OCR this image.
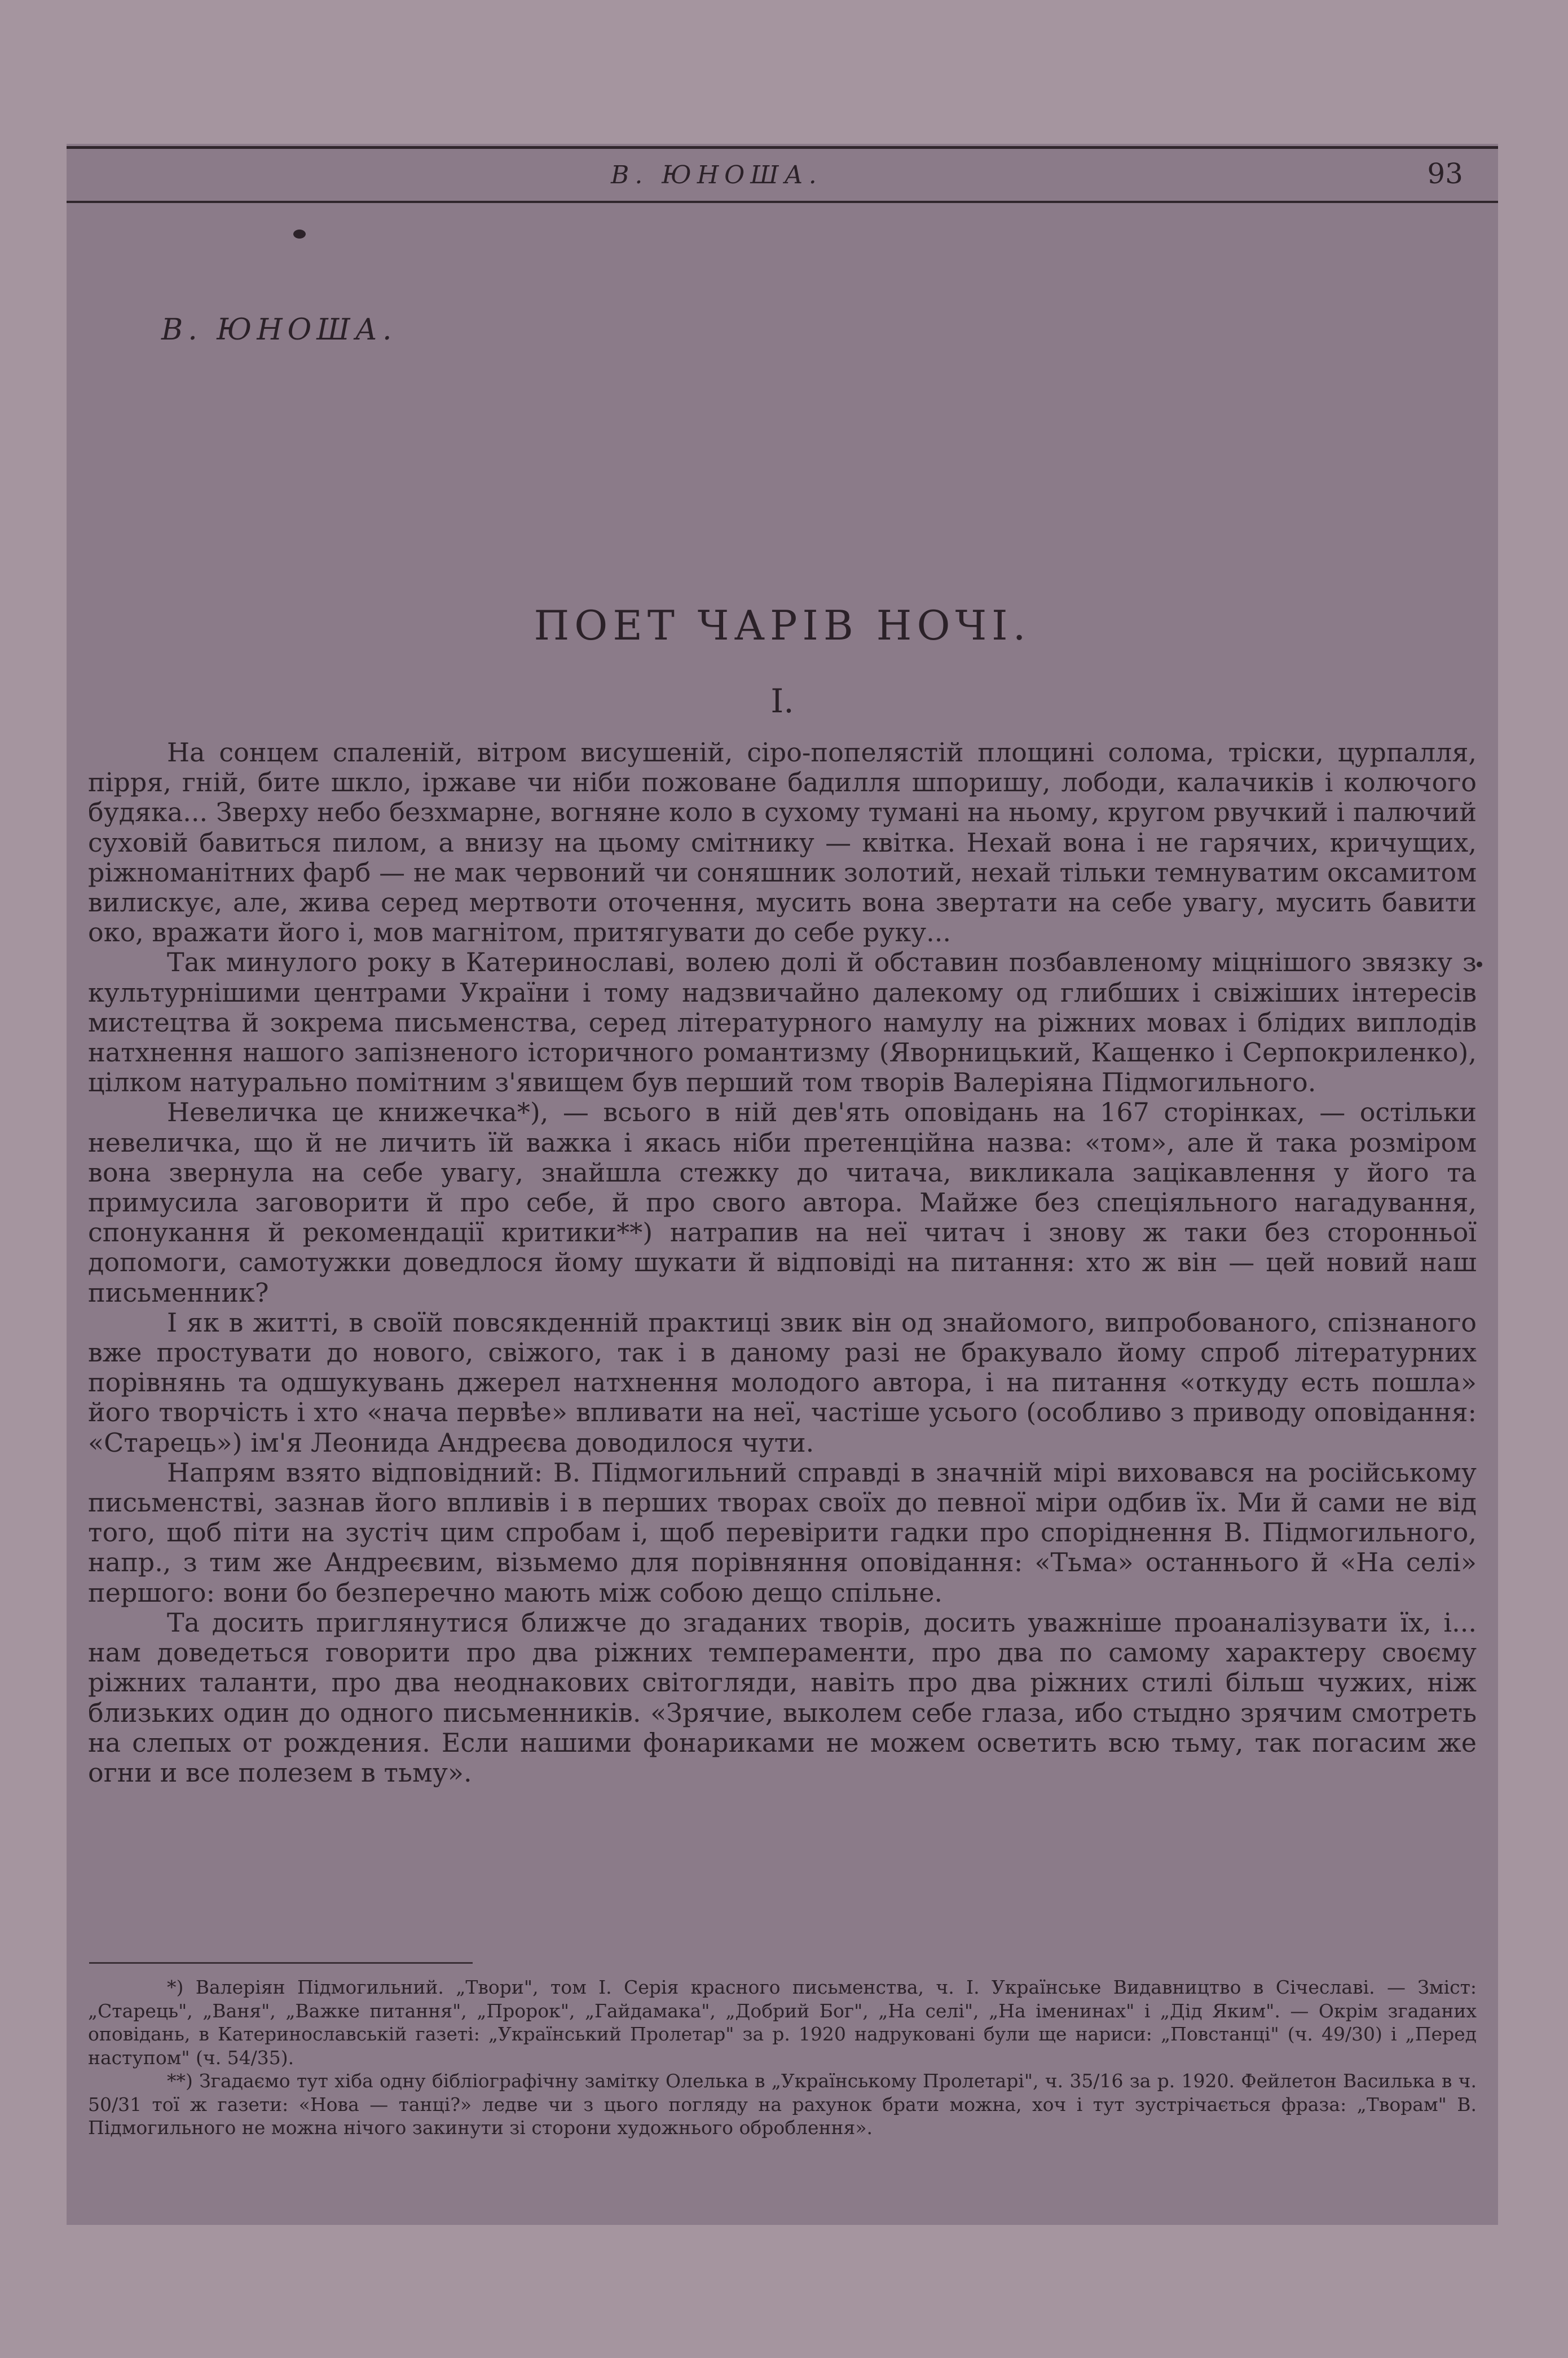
В. ЮНОША.	93
В. ЮНОША.
ПОЕТ ЧАРІВ НОЧІ.
І.

На сонцем спаленій, вітром висушеній, сіро-попелястій площині солома, тріски, цурпалля, пірря, гній, бите шкло, іржаве чи ніби пожоване бадилля шпоришу, лободи, калачиків і колючого будяка... Зверху небо безхмарне, вогняне коло в сухому тумані на ньому, кругом рвучкий і палючий суховій бавиться пилом, а внизу на цьому смітнику — квітка. Нехай вона і не гарячих, кричущих, ріжноманітних фарб — не мак червоний чи соняшник золотий, нехай тільки темнуватим оксамитом вилискує, але, жива серед мертвоти оточення, мусить вона звертати на себе увагу, мусить бавити око, вражати його і, мов магнітом, притягувати до себе руку...

Так минулого року в Катеринославі, волею долі й обставин позбавленому міцнішого звязку з культурнішими центрами України і тому надзвичайно далекому од глибших і свіжіших інтересів мистецтва й зокрема письменства, серед літературного намулу на ріжних мовах і блідих виплодів натхнення нашого запізненого історичного романтизму (Яворницький, Кащенко і Серпокриленко), цілком натурально помітним з'явищем був перший том творів Валеріяна Підмогильного.

Невеличка це книжечка*), — всього в ній дев'ять оповідань на 167 сторінках, — остільки невеличка, що й не личить їй важка і якась ніби претенційна назва: «том», але й така розміром вона звернула на себе увагу, знайшла стежку до читача, викликала зацікавлення у його та примусила заговорити й про себе, й про свого автора. Майже без спеціяльного нагадування, спонукання й рекомендації критики**) натрапив на неї читач і знову ж таки без сторонньої допомоги, самотужки доведлося йому шукати й відповіді на питання: хто ж він — цей новий наш письменник?

І як в житті, в своїй повсякденній практиці звик він од знайомого, випробованого, спізнаного вже простувати до нового, свіжого, так і в даному разі не бракувало йому спроб літературних порівнянь та одшукувань джерел натхнення молодого автора, і на питання «откуду есть пошла» його творчість і хто «нача первѣе» впливати на неї, частіше усього (особливо з приводу оповідання: «Старець») ім'я Леонида Андреєва доводилося чути.

Напрям взято відповідний: В. Підмогильний справді в значній мірі виховався на російському письменстві, зазнав його впливів і в перших творах своїх до певної міри одбив їх. Ми й сами не від того, щоб піти на зустіч цим спробам і, щоб перевірити гадки про споріднення В. Підмогильного, напр., з тим же Андреєвим, візьмемо для порівняння оповідання: «Тьма» останнього й «На селі» першого: вони бо безперечно мають між собою дещо спільне.

Та досить приглянутися ближче до згаданих творів, досить уважніше проаналізувати їх, і... нам доведеться говорити про два ріжних темпераменти, про два по самому характеру своєму ріжних таланти, про два неоднакових світогляди, навіть про два ріжних стилі більш чужих, ніж близьких один до одного письменників. «Зрячие, выколем себе глаза, ибо стыдно зрячим смотреть на слепых от рождения. Если нашими фонариками не можем осветить всю тьму, так погасим же огни и все полезем в тьму».

*) Валеріян Підмогильний. „Твори", том I. Серія красного письменства, ч. I. Українське Видавництво в Січеславі. — Зміст: „Старець", „Ваня", „Важке питання", „Пророк", „Гайдамака", „Добрий Бог", „На селі", „На іменинах" і „Дід Яким". — Окрім згаданих оповідань, в Катеринославській газеті: „Український Пролетар" за р. 1920 надруковані були ще нариси: „Повстанці" (ч. 49/30) і „Перед наступом" (ч. 54/35).

**) Згадаємо тут хіба одну бібліографічну замітку Олелька в „Українському Пролетарі", ч. 35/16 за р. 1920. Фейлетон Василька в ч. 50/31 тої ж газети: «Нова — танці?» ледве чи з цього погляду на рахунок брати можна, хоч і тут зустрічається фраза: „Творам" В. Підмогильного не можна нічого закинути зі сторони художнього оброблення».
